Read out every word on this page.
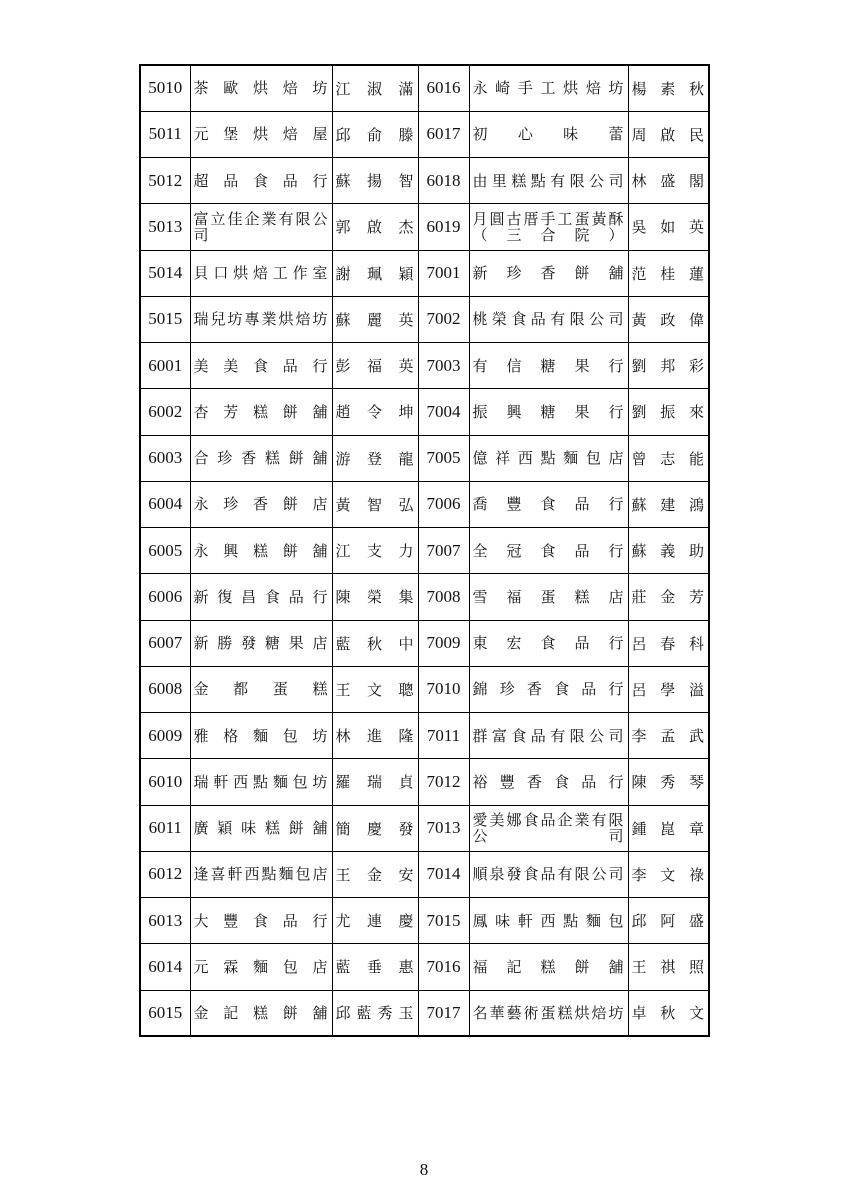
5010	茶歐烘焙坊	江淑滿	6016	永崎手工烘焙坊	楊素秋
5011	元堡烘焙屋	邱俞滕	6017	初心味蕾	周啟民
5012	超品食品行	蘇揚智	6018	由里糕點有限公司	林盛閣
5013	富立佳企業有限公司	郭啟杰	6019	月圓古厝手工蛋黃酥（三合院）	吳如英
5014	貝口烘焙工作室	謝珮穎	7001	新珍香餅舖	范桂蓮
5015	瑞兒坊專業烘焙坊	蘇麗英	7002	桃榮食品有限公司	黃政偉
6001	美美食品行	彭福英	7003	有信糖果行	劉邦彩
6002	杏芳糕餅舖	趙令坤	7004	振興糖果行	劉振來
6003	合珍香糕餅舖	游登龍	7005	億祥西點麵包店	曾志能
6004	永珍香餅店	黃智弘	7006	喬豐食品行	蘇建鴻
6005	永興糕餅舖	江支力	7007	全冠食品行	蘇義助
6006	新復昌食品行	陳榮集	7008	雪福蛋糕店	莊金芳
6007	新勝發糖果店	藍秋中	7009	東宏食品行	呂春科
6008	金都蛋糕	王文聰	7010	錦珍香食品行	呂學溢
6009	雅格麵包坊	林進隆	7011	群富食品有限公司	李孟武
6010	瑞軒西點麵包坊	羅瑞貞	7012	裕豐香食品行	陳秀琴
6011	廣穎味糕餅舖	簡慶發	7013	愛美娜食品企業有限公司	鍾崑章
6012	逢喜軒西點麵包店	王金安	7014	順泉發食品有限公司	李文祿
6013	大豐食品行	尤連慶	7015	鳳味軒西點麵包	邱阿盛
6014	元霖麵包店	藍垂惠	7016	福記糕餅舖	王祺照
6015	金記糕餅舖	邱藍秀玉	7017	名華藝術蛋糕烘焙坊	卓秋文
8
